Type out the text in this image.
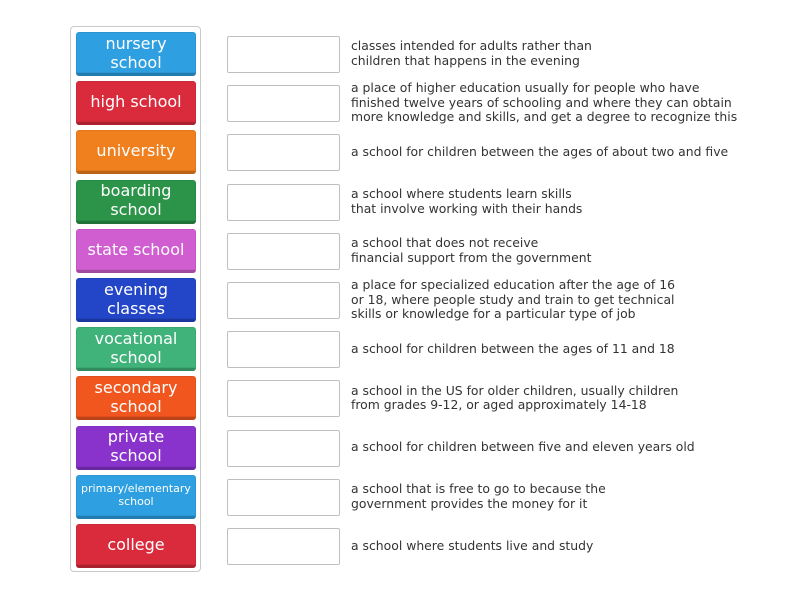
nursery school
high school
university
boarding
school
state school
evening
classes
vocational
school
secondary
school
private school
primary/elementary
school
college
classes intended for adults rather than
children that happens in the evening
a place of higher education usually for people who have
finished twelve years of schooling and where they can obtain
more knowledge and skills, and get a degree to recognize this
a school for children between the ages of about two and five
a school where students learn skills
that involve working with their hands
a school that does not receive
financial support from the government
a place for specialized education after the age of 16
or 18, where people study and train to get technical
skills or knowledge for a particular type of job
a school for children between the ages of 11 and 18
a school in the US for older children, usually children
from grades 9-12, or aged approximately 14-18
a school for children between five and eleven years old
a school that is free to go to because the
government provides the money for it
a school where students live and study
